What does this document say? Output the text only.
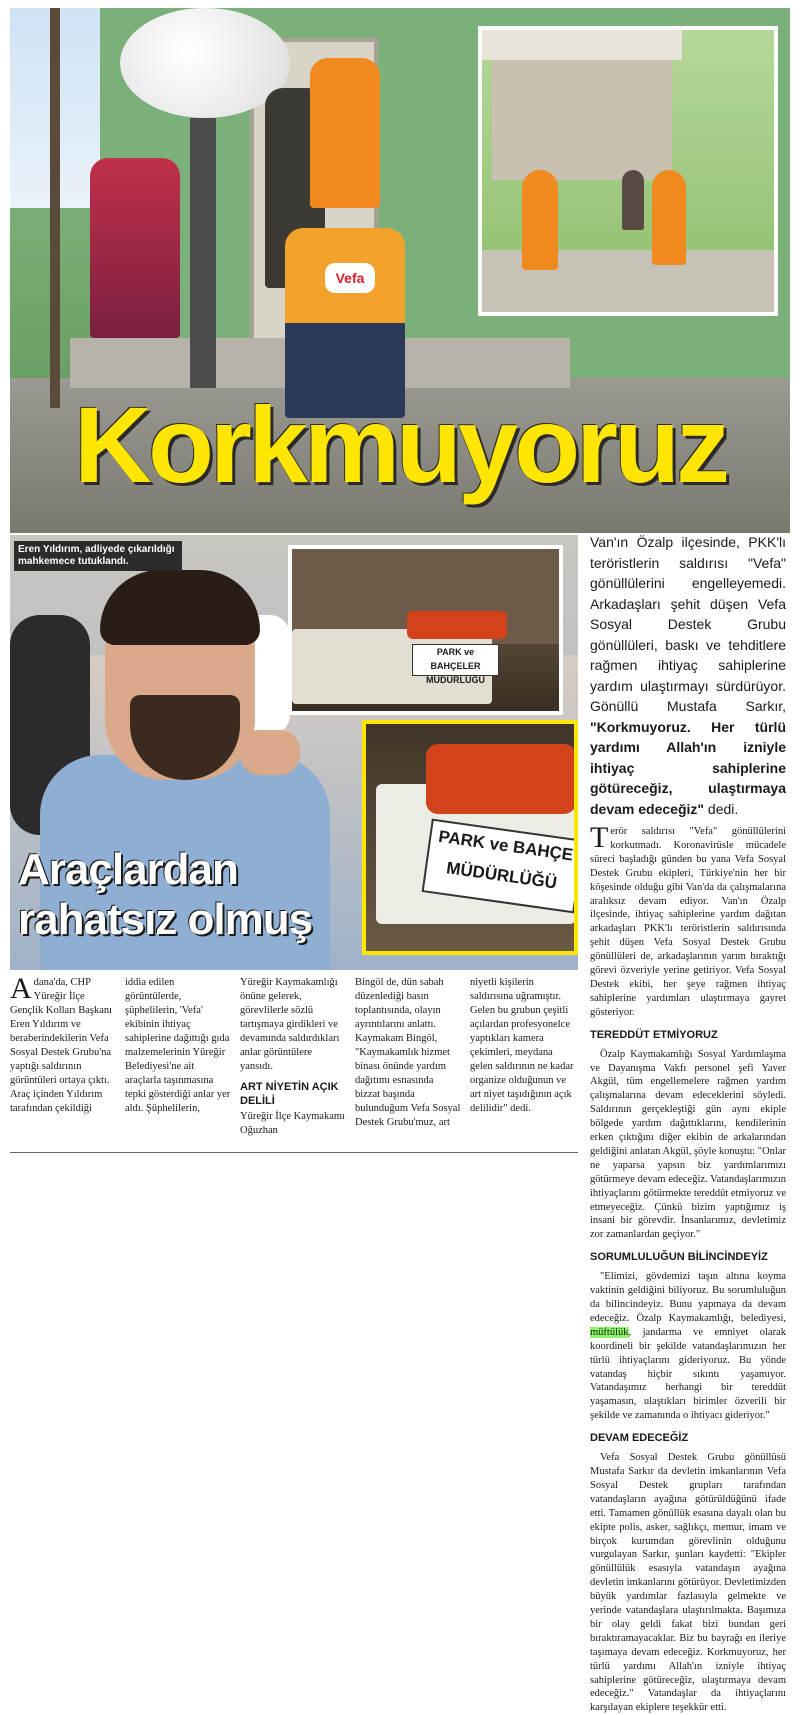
Vefa
Korkmuyoruz
Eren Yıldırım, adliyede çıkarıldığı mahkemece tutuklandı.
PARK ve BAHÇELER MÜDÜRLÜĞÜ
PARK ve BAHÇE
MÜDÜRLÜĞÜ
Araçlardan
rahatsız olmuş

Van'ın Özalp ilçesinde, PKK'lı teröristlerin saldırısı "Vefa" gönüllülerini engelleyemedi. Arkadaşları şehit düşen Vefa Sosyal Destek Grubu gönüllüleri, baskı ve tehditlere rağmen ihtiyaç sahiplerine yardım ulaştırmayı sürdürüyor. Gönüllü Mustafa Sarkır, "Korkmuyoruz. Her türlü yardımı Allah'ın izniyle ihtiyaç sahiplerine götüreceğiz, ulaştırmaya devam edeceğiz" dedi.

Terör saldırısı "Vefa" gönüllülerini korkutmadı. Koronavirüsle mücadele süreci başladığı günden bu yana Vefa Sosyal Destek Grubu ekipleri, Türkiye'nin her bir köşesinde olduğu gibi Van'da da çalışmalarına aralıksız devam ediyor. Van'ın Özalp ilçesinde, ihtiyaç sahiplerine yardım dağıtan arkadaşları PKK'lı teröristlerin saldırısında şehit düşen Vefa Sosyal Destek Grubu gönüllüleri de, arkadaşlarının yarım bıraktığı görevi özveriyle yerine getiriyor. Vefa Sosyal Destek ekibi, her şeye rağmen ihtiyaç sahiplerine yardımları ulaştırmaya gayret gösteriyor.

TEREDDÜT ETMİYORUZ

Özalp Kaymakamlığı Sosyal Yardımlaşma ve Dayanışma Vakfı personel şefi Yaver Akgül, tüm engellemelere rağmen yardım çalışmalarına devam edeceklerini söyledi. Saldırının gerçekleştiği gün aynı ekiple bölgede yardım dağıttıklarını, kendilerinin erken çıktığını diğer ekibin de arkalarından geldiğini anlatan Akgül, şöyle konuştu: "Onlar ne yaparsa yapsın biz yardımlarımızı götürmeye devam edeceğiz. Vatandaşlarımızın ihtiyaçlarını götürmekte tereddüt etmiyoruz ve etmeyeceğiz. Çünkü bizim yaptığımız iş insani bir görevdir. İnsanlarımız, devletimiz zor zamanlardan geçiyor."

SORUMLULUĞUN BİLİNCİNDEYİZ

"Elimizi, gövdemizi taşın altına koyma vaktinin geldiğini biliyoruz. Bu sorumluluğun da bilincindeyiz. Bunu yapmaya da devam edeceğiz. Özalp Kaymakamlığı, belediyesi, müftülük, jandarma ve emniyet olarak koordineli bir şekilde vatandaşlarımızın her türlü ihtiyaçlarını gideriyoruz. Bu yönde vatandaş hiçbir sıkıntı yaşamıyor. Vatandaşımız herhangi bir tereddüt yaşamasın, ulaştıkları birimler özverili bir şekilde ve zamanında o ihtiyacı gideriyor."

DEVAM EDECEĞİZ

Vefa Sosyal Destek Grubu gönüllüsü Mustafa Sarkır da devletin imkanlarının Vefa Sosyal Destek grupları tarafından vatandaşların ayağına götürüldüğünü ifade etti. Tamamen gönüllük esasına dayalı olan bu ekipte polis, asker, sağlıkçı, memur, imam ve birçok kurumdan görevlinin olduğunu vurgulayan Sarkır, şunları kaydetti: "Ekipler gönüllülük esasıyla vatandaşın ayağına devletin imkanlarını götürüyor. Devletimizden büyük yardımlar fazlasıyla gelmekte ve yerinde vatandaşlara ulaştırılmakta. Başımıza bir olay geldi fakat bizi bundan geri bıraktıramayacaklar. Biz bu bayrağı en ileriye taşımaya devam edeceğiz. Korkmuyoruz, her türlü yardımı Allah'ın izniyle ihtiyaç sahiplerine götüreceğiz, ulaştırmaya devam edeceğiz." Vatandaşlar da ihtiyaçlarını karşılayan ekiplere teşekkür etti.

Adana'da, CHP Yüreğir İlçe Gençlik Kolları Başkanı Eren Yıldırım ve beraberindekilerin Vefa Sosyal Destek Grubu'na yaptığı saldırının görüntüleri ortaya çıktı. Araç içinden Yıldırım tarafından çekildiği

iddia edilen görüntülerde, şüphelilerin, 'Vefa' ekibinin ihtiyaç sahiplerine dağıttığı gıda malzemelerinin Yüreğir Belediyesi'ne ait araçlarla taşınmasına tepki gösterdiği anlar yer aldı. Şüphelilerin,

Yüreğir Kaymakamlığı önüne gelerek, görevlilerle sözlü tartışmaya girdikleri ve devamında saldırdıkları anlar görüntülere yansıdı.

ART NİYETİN AÇIK DELİLİ

Yüreğir İlçe Kaymakamı Oğuzhan

Bingöl de, dün sabah düzenlediği basın toplantısında, olayın ayrıntılarını anlattı. Kaymakam Bingöl, "Kaymakamlık hizmet binası önünde yardım dağıtımı esnasında bizzat başında bulunduğum Vefa Sosyal Destek Grubu'muz, art

niyetli kişilerin saldırısına uğramıştır. Gelen bu grubun çeşitli açılardan profesyonelce yaptıkları kamera çekimleri, meydana gelen saldırının ne kadar organize olduğunun ve art niyet taşıdığının açık delilidir" dedi.
